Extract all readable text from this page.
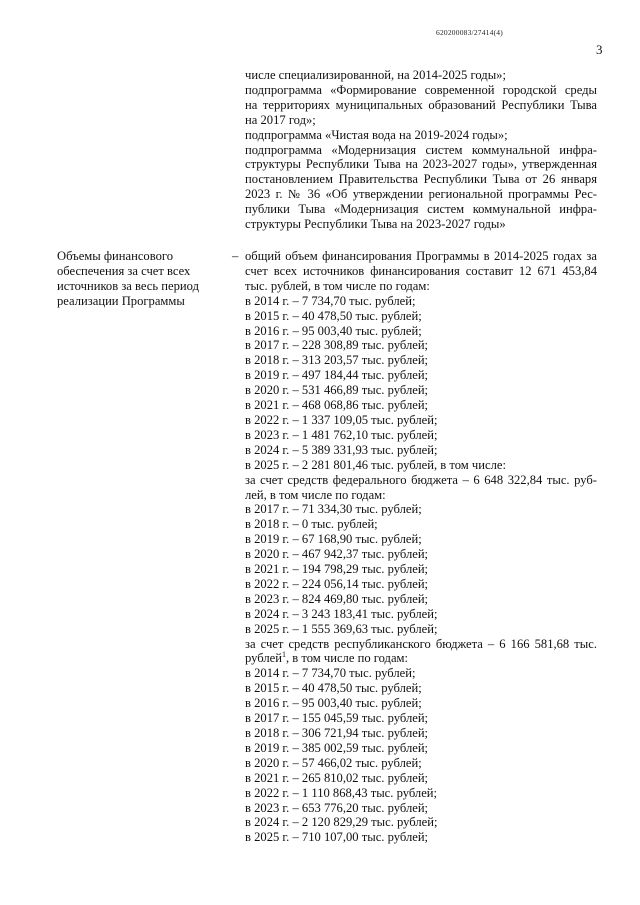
620200083/27414(4)
3
числе специализированной, на 2014-2025 годы»;
подпрограмма «Формирование современной городской среды
на территориях муниципальных образований Республики Тыва
на 2017 год»;
подпрограмма «Чистая вода на 2019-2024 годы»;
подпрограмма «Модернизация систем коммунальной инфра-
структуры Республики Тыва на 2023-2027 годы», утвержденная
постановлением Правительства Республики Тыва от 26 января
2023 г. № 36 «Об утверждении региональной программы Рес-
публики Тыва «Модернизация систем коммунальной инфра-
структуры Республики Тыва на 2023-2027 годы»
Объемы финансового обеспечения за счет всех источников за весь период реализации Программы
– общий объем финансирования Программы в 2014-2025 годах за
счет всех источников финансирования составит 12 671 453,84
тыс. рублей, в том числе по годам:
в 2014 г. – 7 734,70 тыс. рублей;
в 2015 г. – 40 478,50 тыс. рублей;
в 2016 г. – 95 003,40 тыс. рублей;
в 2017 г. – 228 308,89 тыс. рублей;
в 2018 г. – 313 203,57 тыс. рублей;
в 2019 г. – 497 184,44 тыс. рублей;
в 2020 г. – 531 466,89 тыс. рублей;
в 2021 г. – 468 068,86 тыс. рублей;
в 2022 г. – 1 337 109,05 тыс. рублей;
в 2023 г. – 1 481 762,10 тыс. рублей;
в 2024 г. – 5 389 331,93 тыс. рублей;
в 2025 г. – 2 281 801,46 тыс. рублей, в том числе:
за счет средств федерального бюджета – 6 648 322,84 тыс. руб-
лей, в том числе по годам:
в 2017 г. – 71 334,30 тыс. рублей;
в 2018 г. – 0 тыс. рублей;
в 2019 г. – 67 168,90 тыс. рублей;
в 2020 г. – 467 942,37 тыс. рублей;
в 2021 г. – 194 798,29 тыс. рублей;
в 2022 г. – 224 056,14 тыс. рублей;
в 2023 г. – 824 469,80 тыс. рублей;
в 2024 г. – 3 243 183,41 тыс. рублей;
в 2025 г. – 1 555 369,63 тыс. рублей;
за счет средств республиканского бюджета – 6 166 581,68 тыс.
рублей$^1$, в том числе по годам:
в 2014 г. – 7 734,70 тыс. рублей;
в 2015 г. – 40 478,50 тыс. рублей;
в 2016 г. – 95 003,40 тыс. рублей;
в 2017 г. – 155 045,59 тыс. рублей;
в 2018 г. – 306 721,94 тыс. рублей;
в 2019 г. – 385 002,59 тыс. рублей;
в 2020 г. – 57 466,02 тыс. рублей;
в 2021 г. – 265 810,02 тыс. рублей;
в 2022 г. – 1 110 868,43 тыс. рублей;
в 2023 г. – 653 776,20 тыс. рублей;
в 2024 г. – 2 120 829,29 тыс. рублей;
в 2025 г. – 710 107,00 тыс. рублей;
